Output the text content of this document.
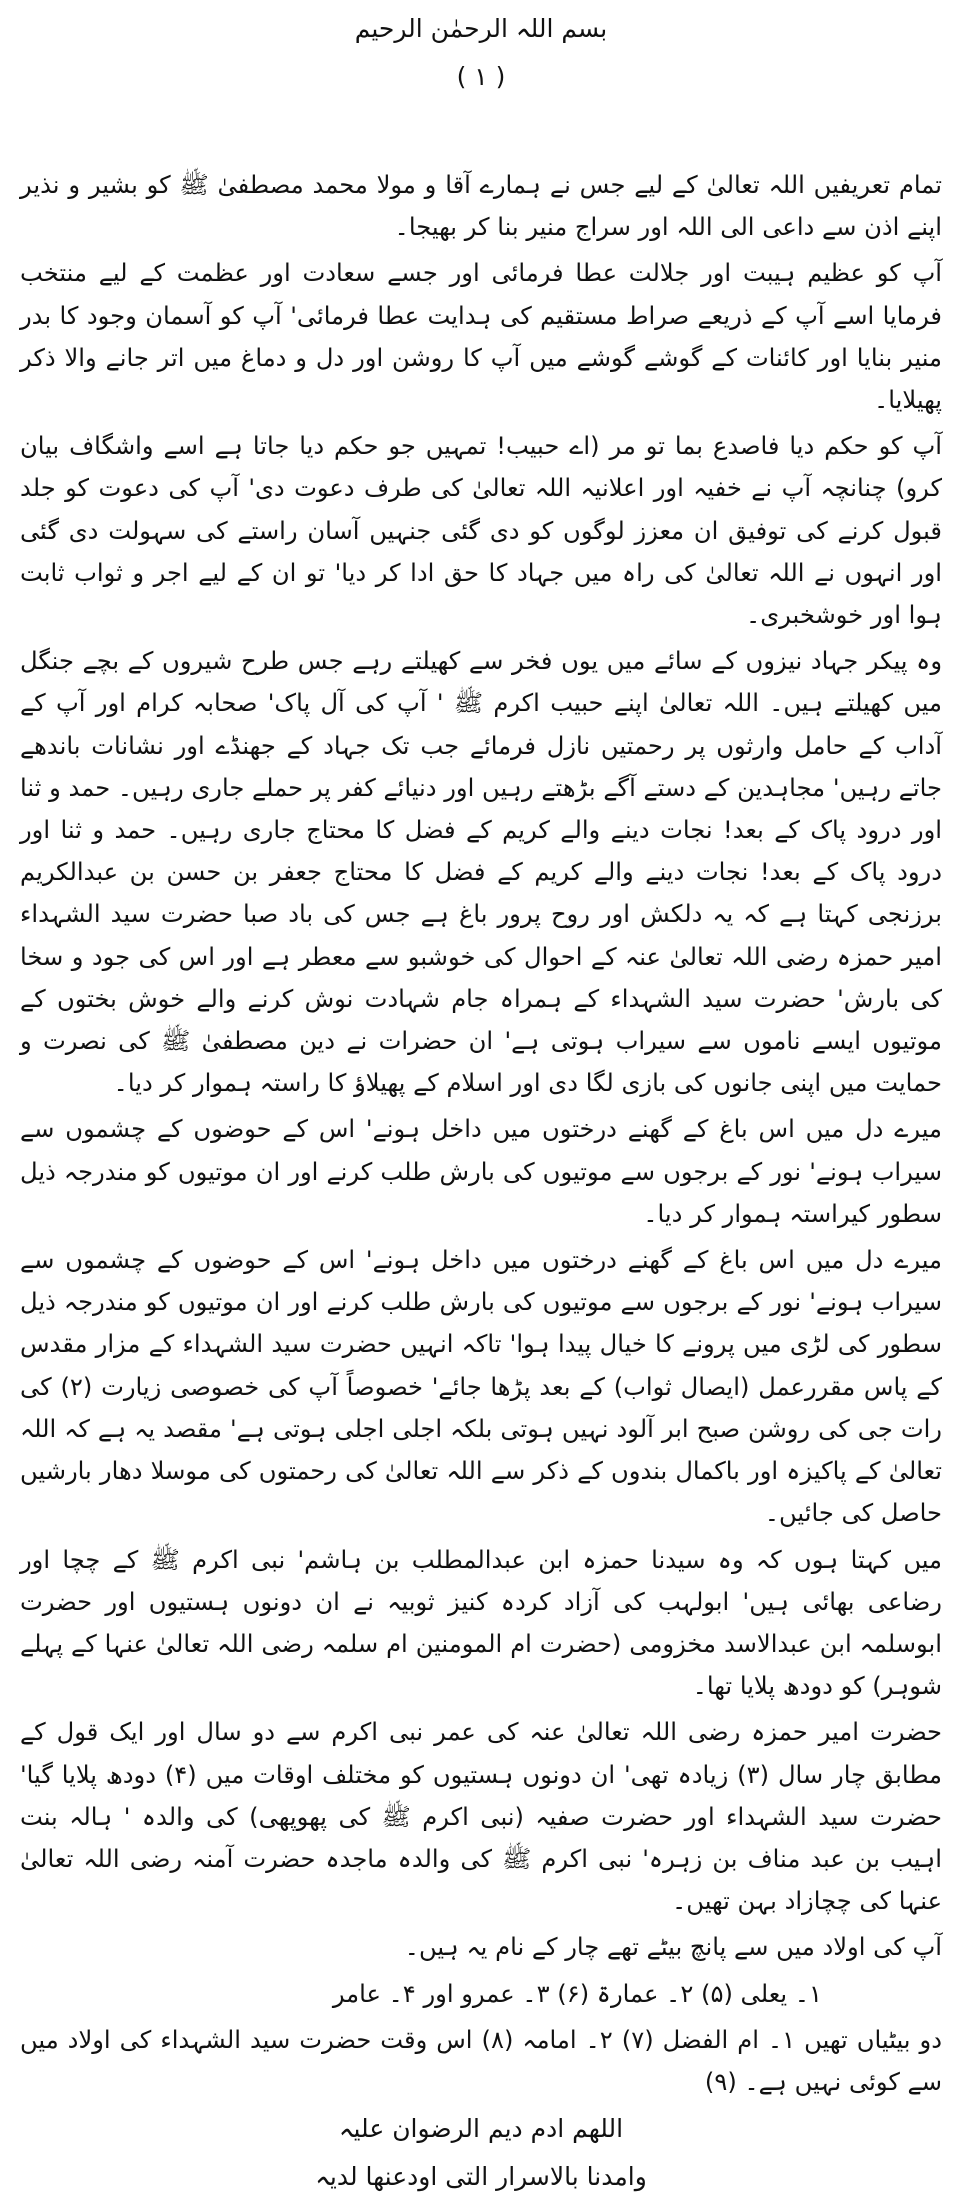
بسم اللہ الرحمٰن الرحیم
( ۱ )

تمام تعریفیں اللہ تعالیٰ کے لیے جس نے ہمارے آقا و مولا محمد مصطفیٰ ﷺ کو بشیر و نذیر اپنے اذن سے داعی الی اللہ اور سراج منیر بنا کر بھیجا۔

آپ کو عظیم ہیبت اور جلالت عطا فرمائی اور جسے سعادت اور عظمت کے لیے منتخب فرمایا اسے آپ کے ذریعے صراط مستقیم کی ہدایت عطا فرمائی' آپ کو آسمان وجود کا بدر منیر بنایا اور کائنات کے گوشے گوشے میں آپ کا روشن اور دل و دماغ میں اتر جانے والا ذکر پھیلایا۔

آپ کو حکم دیا فاصدع بما تو مر (اے حبیب! تمہیں جو حکم دیا جاتا ہے اسے واشگاف بیان کرو) چنانچہ آپ نے خفیہ اور اعلانیہ اللہ تعالیٰ کی طرف دعوت دی' آپ کی دعوت کو جلد قبول کرنے کی توفیق ان معزز لوگوں کو دی گئی جنہیں آسان راستے کی سہولت دی گئی اور انہوں نے اللہ تعالیٰ کی راہ میں جہاد کا حق ادا کر دیا' تو ان کے لیے اجر و ثواب ثابت ہوا اور خوشخبری۔

وہ پیکر جہاد نیزوں کے سائے میں یوں فخر سے کھیلتے رہے جس طرح شیروں کے بچے جنگل میں کھیلتے ہیں۔ اللہ تعالیٰ اپنے حبیب اکرم ﷺ ' آپ کی آل پاک' صحابہ کرام اور آپ کے آداب کے حامل وارثوں پر رحمتیں نازل فرمائے جب تک جہاد کے جھنڈے اور نشانات باندھے جاتے رہیں' مجاہدین کے دستے آگے بڑھتے رہیں اور دنیائے کفر پر حملے جاری رہیں۔ حمد و ثنا اور درود پاک کے بعد! نجات دینے والے کریم کے فضل کا محتاج جاری رہیں۔ حمد و ثنا اور درود پاک کے بعد! نجات دینے والے کریم کے فضل کا محتاج جعفر بن حسن بن عبدالکریم برزنجی کہتا ہے کہ یہ دلکش اور روح پرور باغ ہے جس کی باد صبا حضرت سید الشہداء امیر حمزہ رضی اللہ تعالیٰ عنہ کے احوال کی خوشبو سے معطر ہے اور اس کی جود و سخا کی بارش' حضرت سید الشہداء کے ہمراہ جام شہادت نوش کرنے والے خوش بختوں کے موتیوں ایسے ناموں سے سیراب ہوتی ہے' ان حضرات نے دین مصطفیٰ ﷺ کی نصرت و حمایت میں اپنی جانوں کی بازی لگا دی اور اسلام کے پھیلاؤ کا راستہ ہموار کر دیا۔

میرے دل میں اس باغ کے گھنے درختوں میں داخل ہونے' اس کے حوضوں کے چشموں سے سیراب ہونے' نور کے برجوں سے موتیوں کی بارش طلب کرنے اور ان موتیوں کو مندرجہ ذیل سطور کیراستہ ہموار کر دیا۔

میرے دل میں اس باغ کے گھنے درختوں میں داخل ہونے' اس کے حوضوں کے چشموں سے سیراب ہونے' نور کے برجوں سے موتیوں کی بارش طلب کرنے اور ان موتیوں کو مندرجہ ذیل سطور کی لڑی میں پرونے کا خیال پیدا ہوا' تاکہ انہیں حضرت سید الشہداء کے مزار مقدس کے پاس مقررعمل (ایصال ثواب) کے بعد پڑھا جائے' خصوصاً آپ کی خصوصی زیارت (۲) کی رات جی کی روشن صبح ابر آلود نہیں ہوتی بلکہ اجلی اجلی ہوتی ہے' مقصد یہ ہے کہ اللہ تعالیٰ کے پاکیزہ اور باکمال بندوں کے ذکر سے اللہ تعالیٰ کی رحمتوں کی موسلا دھار بارشیں حاصل کی جائیں۔

میں کہتا ہوں کہ وہ سیدنا حمزہ ابن عبدالمطلب بن ہاشم' نبی اکرم ﷺ کے چچا اور رضاعی بھائی ہیں' ابولہب کی آزاد کردہ کنیز ثوبیہ نے ان دونوں ہستیوں اور حضرت ابوسلمہ ابن عبدالاسد مخزومی (حضرت ام المومنین ام سلمہ رضی اللہ تعالیٰ عنہا کے پہلے شوہر) کو دودھ پلایا تھا۔

حضرت امیر حمزہ رضی اللہ تعالیٰ عنہ کی عمر نبی اکرم سے دو سال اور ایک قول کے مطابق چار سال (۳) زیادہ تھی' ان دونوں ہستیوں کو مختلف اوقات میں (۴) دودھ پلایا گیا' حضرت سید الشہداء اور حضرت صفیہ (نبی اکرم ﷺ کی پھوپھی) کی والدہ ' ہالہ بنت اہیب بن عبد مناف بن زہرہ' نبی اکرم ﷺ کی والدہ ماجدہ حضرت آمنہ رضی اللہ تعالیٰ عنہا کی چچازاد بہن تھیں۔

آپ کی اولاد میں سے پانچ بیٹے تھے چار کے نام یہ ہیں۔

۱۔ یعلی (۵) ۲۔ عمارۃ (۶) ۳۔ عمرو اور ۴۔ عامر

دو بیٹیاں تھیں ۱۔ ام الفضل (۷) ۲۔ امامہ (۸) اس وقت حضرت سید الشہداء کی اولاد میں سے کوئی نہیں ہے۔ (۹)

اللھم ادم دیم الرضوان علیہ
وامدنا بالاسرار التی اودعنھا لدیہ
